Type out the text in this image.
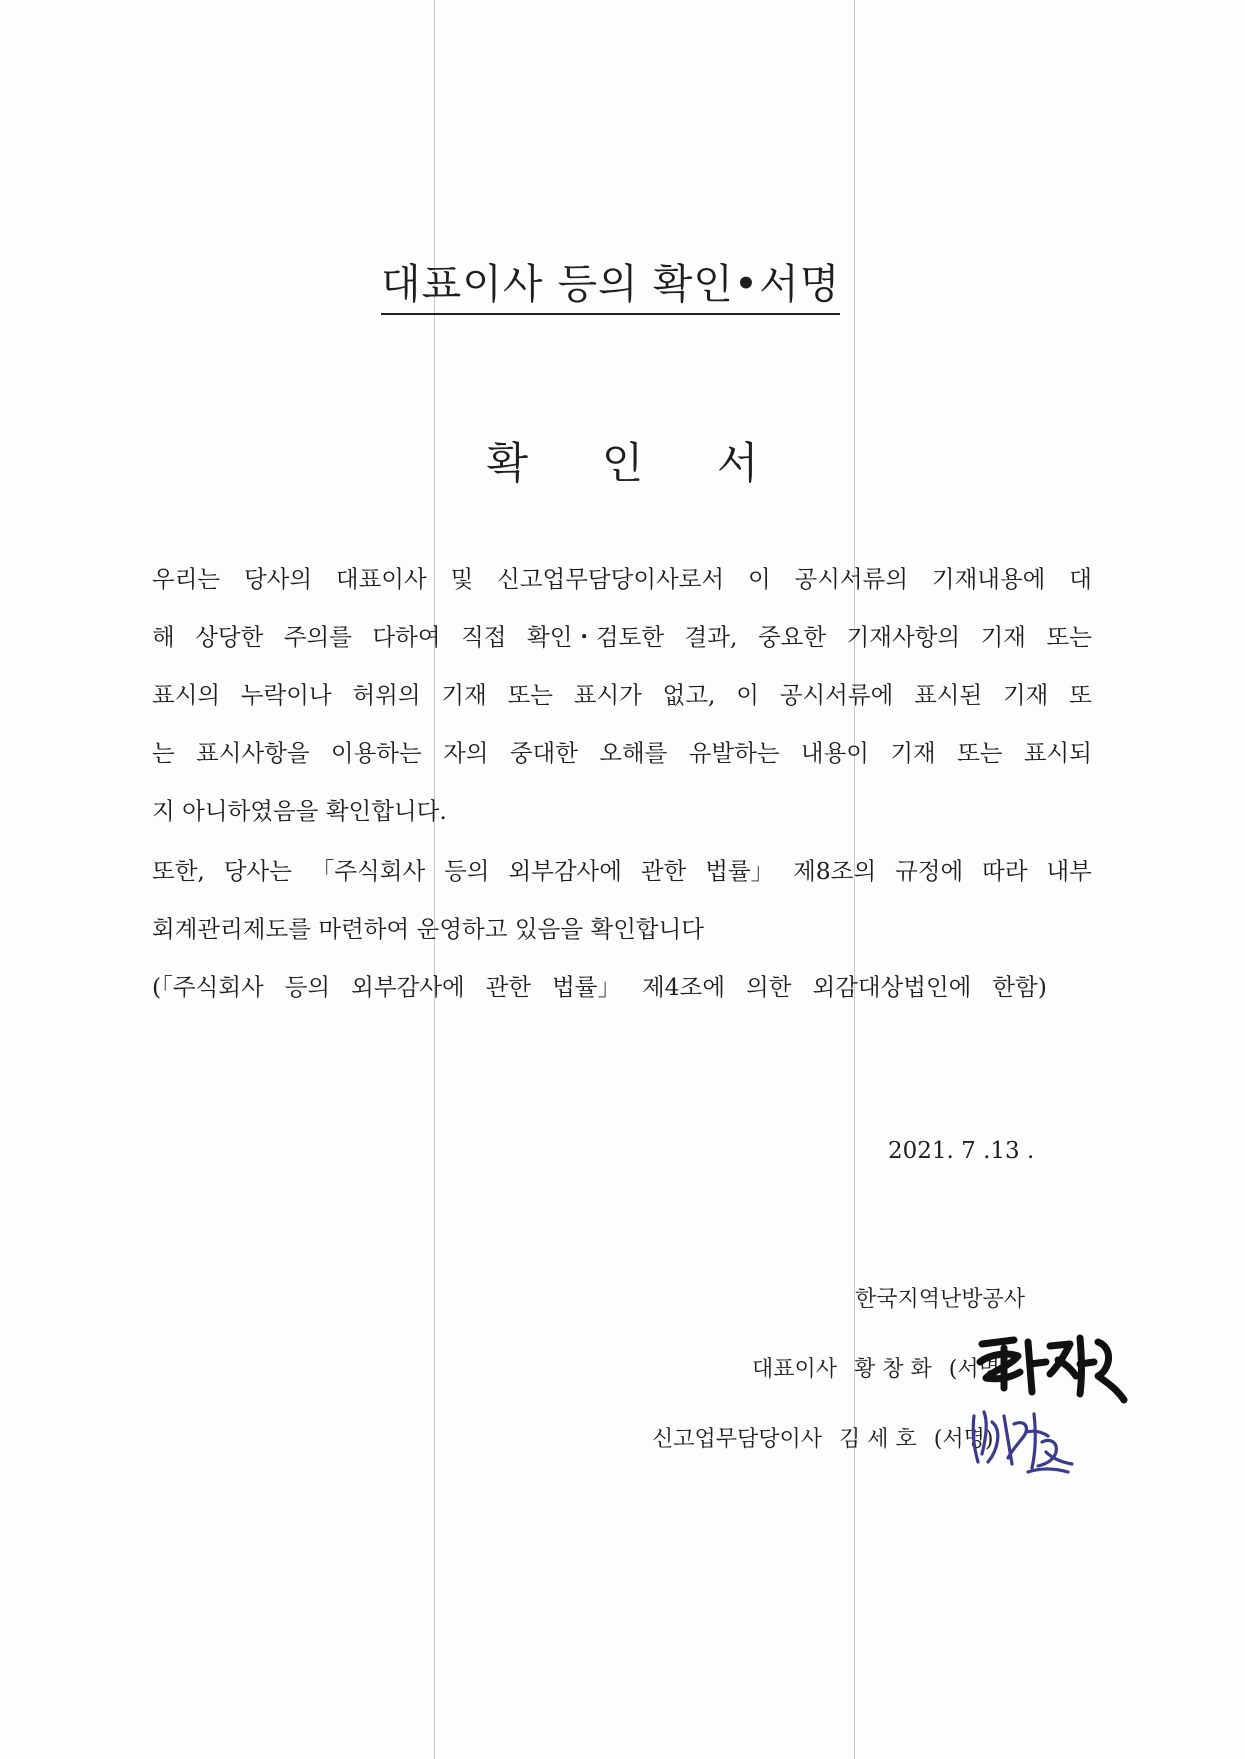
대표이사 등의 확인•서명
확 인 서
우리는 당사의 대표이사 및 신고업무담당이사로서 이 공시서류의 기재내용에 대
해 상당한 주의를 다하여 직접 확인・검토한 결과, 중요한 기재사항의 기재 또는
표시의 누락이나 허위의 기재 또는 표시가 없고, 이 공시서류에 표시된 기재 또
는 표시사항을 이용하는 자의 중대한 오해를 유발하는 내용이 기재 또는 표시되
지 아니하였음을 확인합니다.
또한, 당사는 「주식회사 등의 외부감사에 관한 법률」 제8조의 규정에 따라 내부
회계관리제도를 마련하여 운영하고 있음을 확인합니다
(「주식회사 등의 외부감사에 관한 법률」 제4조에 의한 외감대상법인에 한함)
2021. 7 .13 .
한국지역난방공사
대표이사 황 창 화 (서명)
신고업무담당이사 김 세 호 (서명)
